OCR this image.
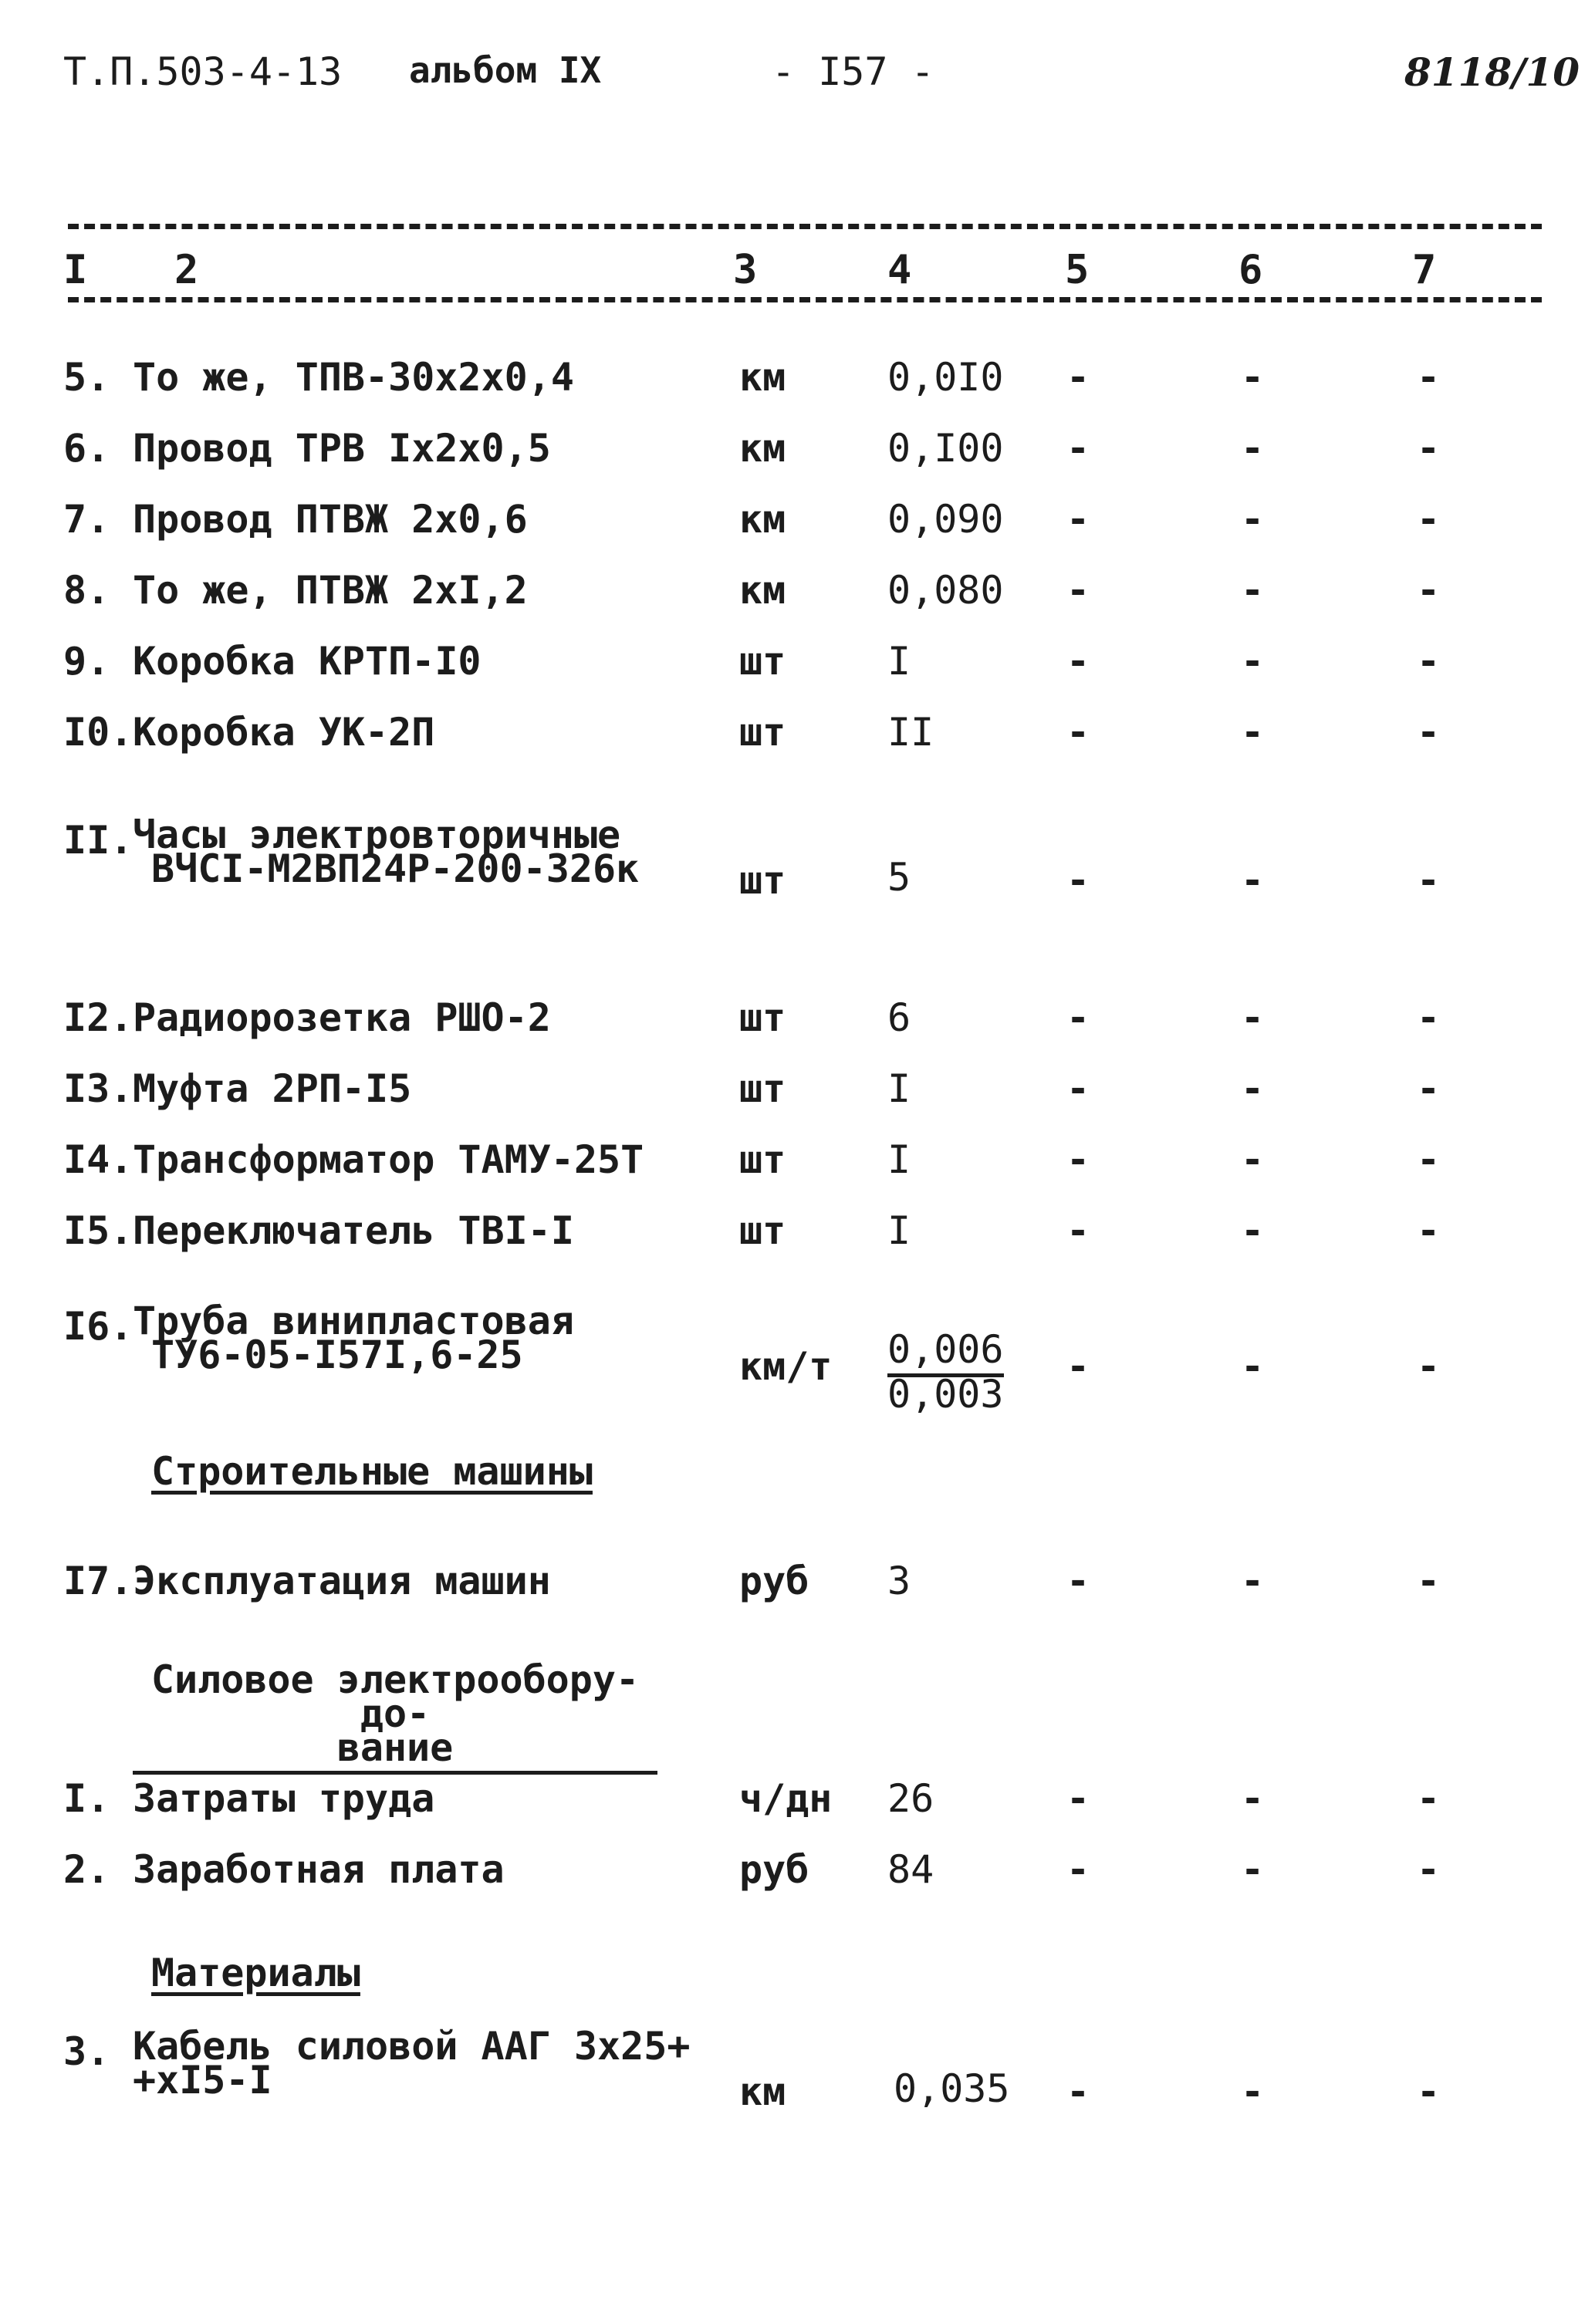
Т.П.503-4-13 альбом IX	- I57 -	8118/10
I 2	3	4	5	6	7
5. То же, ТПВ-30х2х0,4	км	0,0I0 -	-	-
6. Провод ТРВ Iх2х0,5	км	0,I00 -	-	-
7. Провод ПТВЖ 2х0,6	км	0,090 -	-	-
8. То же, ПТВЖ 2хI,2	км	0,080 -	-	-
9. Коробка КРТП-I0	шт	I	-	-	-
I0. Коробка УК-2П	шт	II	-	-	-
II. Часы электровторичные
ВЧСI-М2ВП24Р-200-326к	шт	5	-	-	-
I2. Радиорозетка РШО-2	шт	6	-	-	-
I3. Муфта 2РП-I5	шт	I	-	-	-
I4. Трансформатор ТАМУ-25Т шт	I	-	-	-
I5. Переключатель ТВI-I	шт	I	-	-	-
I6. Труба винипластовая
ТУ6-05-I57I,6-25	$км/т \frac{0,006}{0,003}$ -	-	-
Строительные машины
I7. Эксплуатация машин	руб 3	-	-	-
Силовое электрообору-до-
вание
I. Затраты труда	ч/дн 26	-	-	-
2. Заработная плата	руб 84	-	-	-
Материалы
3. Кабель силовой ААГ 3х25+
+хI5-I	км	0,035 -	-	-
